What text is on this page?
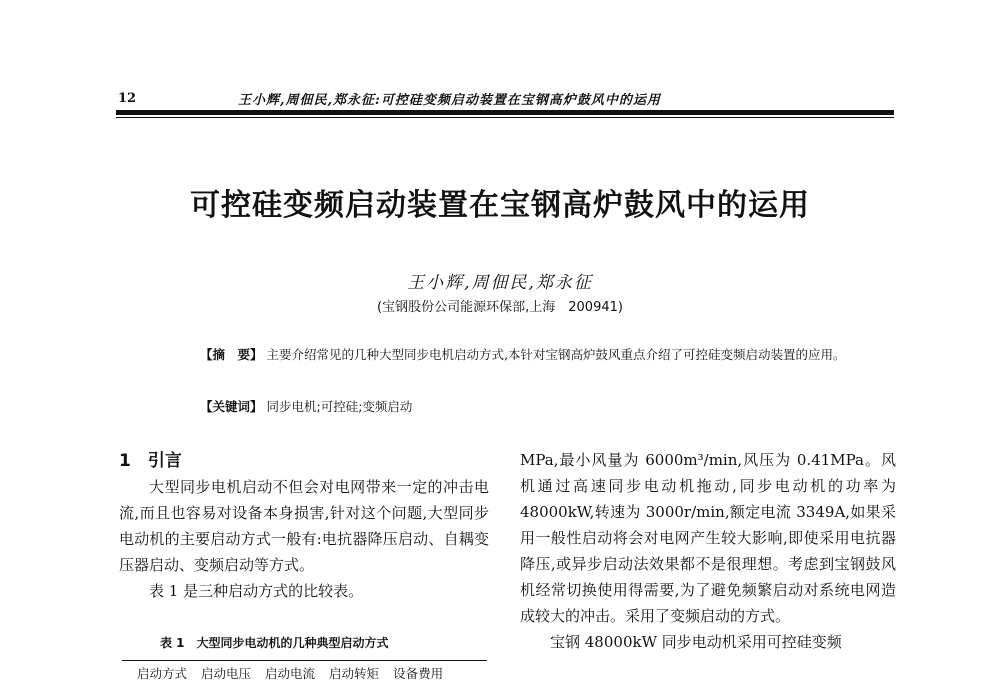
12	王小辉,周佃民,郑永征:可控硅变频启动装置在宝钢高炉鼓风中的运用
可控硅变频启动装置在宝钢高炉鼓风中的运用
王小辉,周佃民,郑永征
(宝钢股份公司能源环保部,上海　200941)
【摘　要】 主要介绍常见的几种大型同步电机启动方式,本针对宝钢高炉鼓风重点介绍了可控硅变频启动装置的应用。
【关键词】 同步电机;可控硅;变频启动
1　引言

大型同步电机启动不但会对电网带来一定的冲击电流,而且也容易对设备本身损害,针对这个问题,大型同步电动机的主要启动方式一般有:电抗器降压启动、自耦变压器启动、变频启动等方式。

表 1 是三种启动方式的比较表。

表 1　大型同步电动机的几种典型启动方式
启动方式 启动电压 启动电流 启动转矩 设备费用

MPa,最小风量为 6000m³/min,风压为 0.41MPa。风机通过高速同步电动机拖动,同步电动机的功率为 48000kW,转速为 3000r/min,额定电流 3349A,如果采用一般性启动将会对电网产生较大影响,即使采用电抗器降压,或异步启动法效果都不是很理想。考虑到宝钢鼓风机经常切换使用得需要,为了避免频繁启动对系统电网造成较大的冲击。采用了变频启动的方式。

宝钢 48000kW 同步电动机采用可控硅变频
